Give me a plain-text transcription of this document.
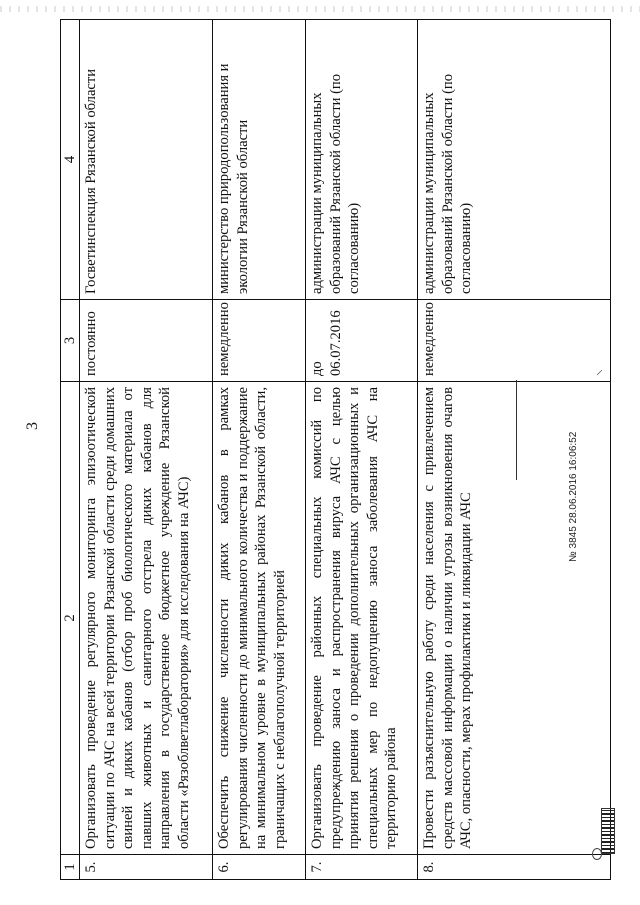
3
1	2	3	4
5.	Организовать проведение регулярного мониторинга эпизоотической ситуации по АЧС на всей территории Рязанской области среди домашних свиней и диких кабанов (отбор проб биологического материала от павших животных и санитарного отстрела диких кабанов для направления в государственное бюджетное учреждение Рязанской области «Рязоблветлаборатория» для исследования на АЧС)	постоянно	Госветинспекция Рязанской области
6.	Обеспечить снижение численности диких кабанов в рамках регулирования численности до минимального количества и поддержание на минимальном уровне в муниципальных районах Рязанской области, граничащих с неблагополучной территорией	немедленно	министерство природопользования и экологии Рязанской области
7.	Организовать проведение районных специальных комиссий по предупреждению заноса и распространения вируса АЧС с целью принятия решения о проведении дополнительных организационных и специальных мер по недопущению заноса заболевания АЧС на территорию района	до 06.07.2016	администрации муниципальных образований Рязанской области (по согласованию)
8.	Провести разъяснительную работу среди населения с привлечением средств массовой информации о наличии угрозы возникновения очагов АЧС, опасности, мерах профилактики и ликвидации АЧС	немедленно	администрации муниципальных образований Рязанской области (по согласованию)
⸝
№ 3845 28.06.2016 16:06:52
